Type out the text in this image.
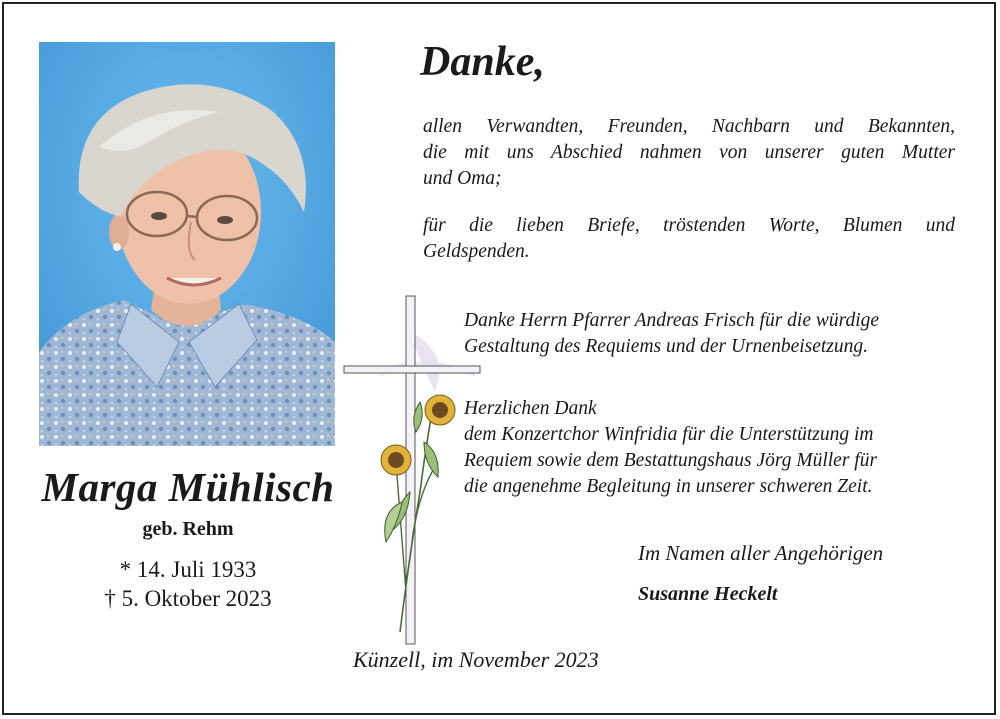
Marga Mühlisch
geb. Rehm
* 14. Juli 1933
† 5. Oktober 2023
Danke,
allen Verwandten, Freunden, Nachbarn und Bekannten,
die mit uns Abschied nahmen von unserer guten Mutter
und Oma;
für die lieben Briefe, tröstenden Worte, Blumen und
Geldspenden.
Danke Herrn Pfarrer Andreas Frisch für die würdige
Gestaltung des Requiems und der Urnenbeisetzung.
Herzlichen Dank
dem Konzertchor Winfridia für die Unterstützung im
Requiem sowie dem Bestattungshaus Jörg Müller für
die angenehme Begleitung in unserer schweren Zeit.
Im Namen aller Angehörigen
Susanne Heckelt
Künzell, im November 2023
